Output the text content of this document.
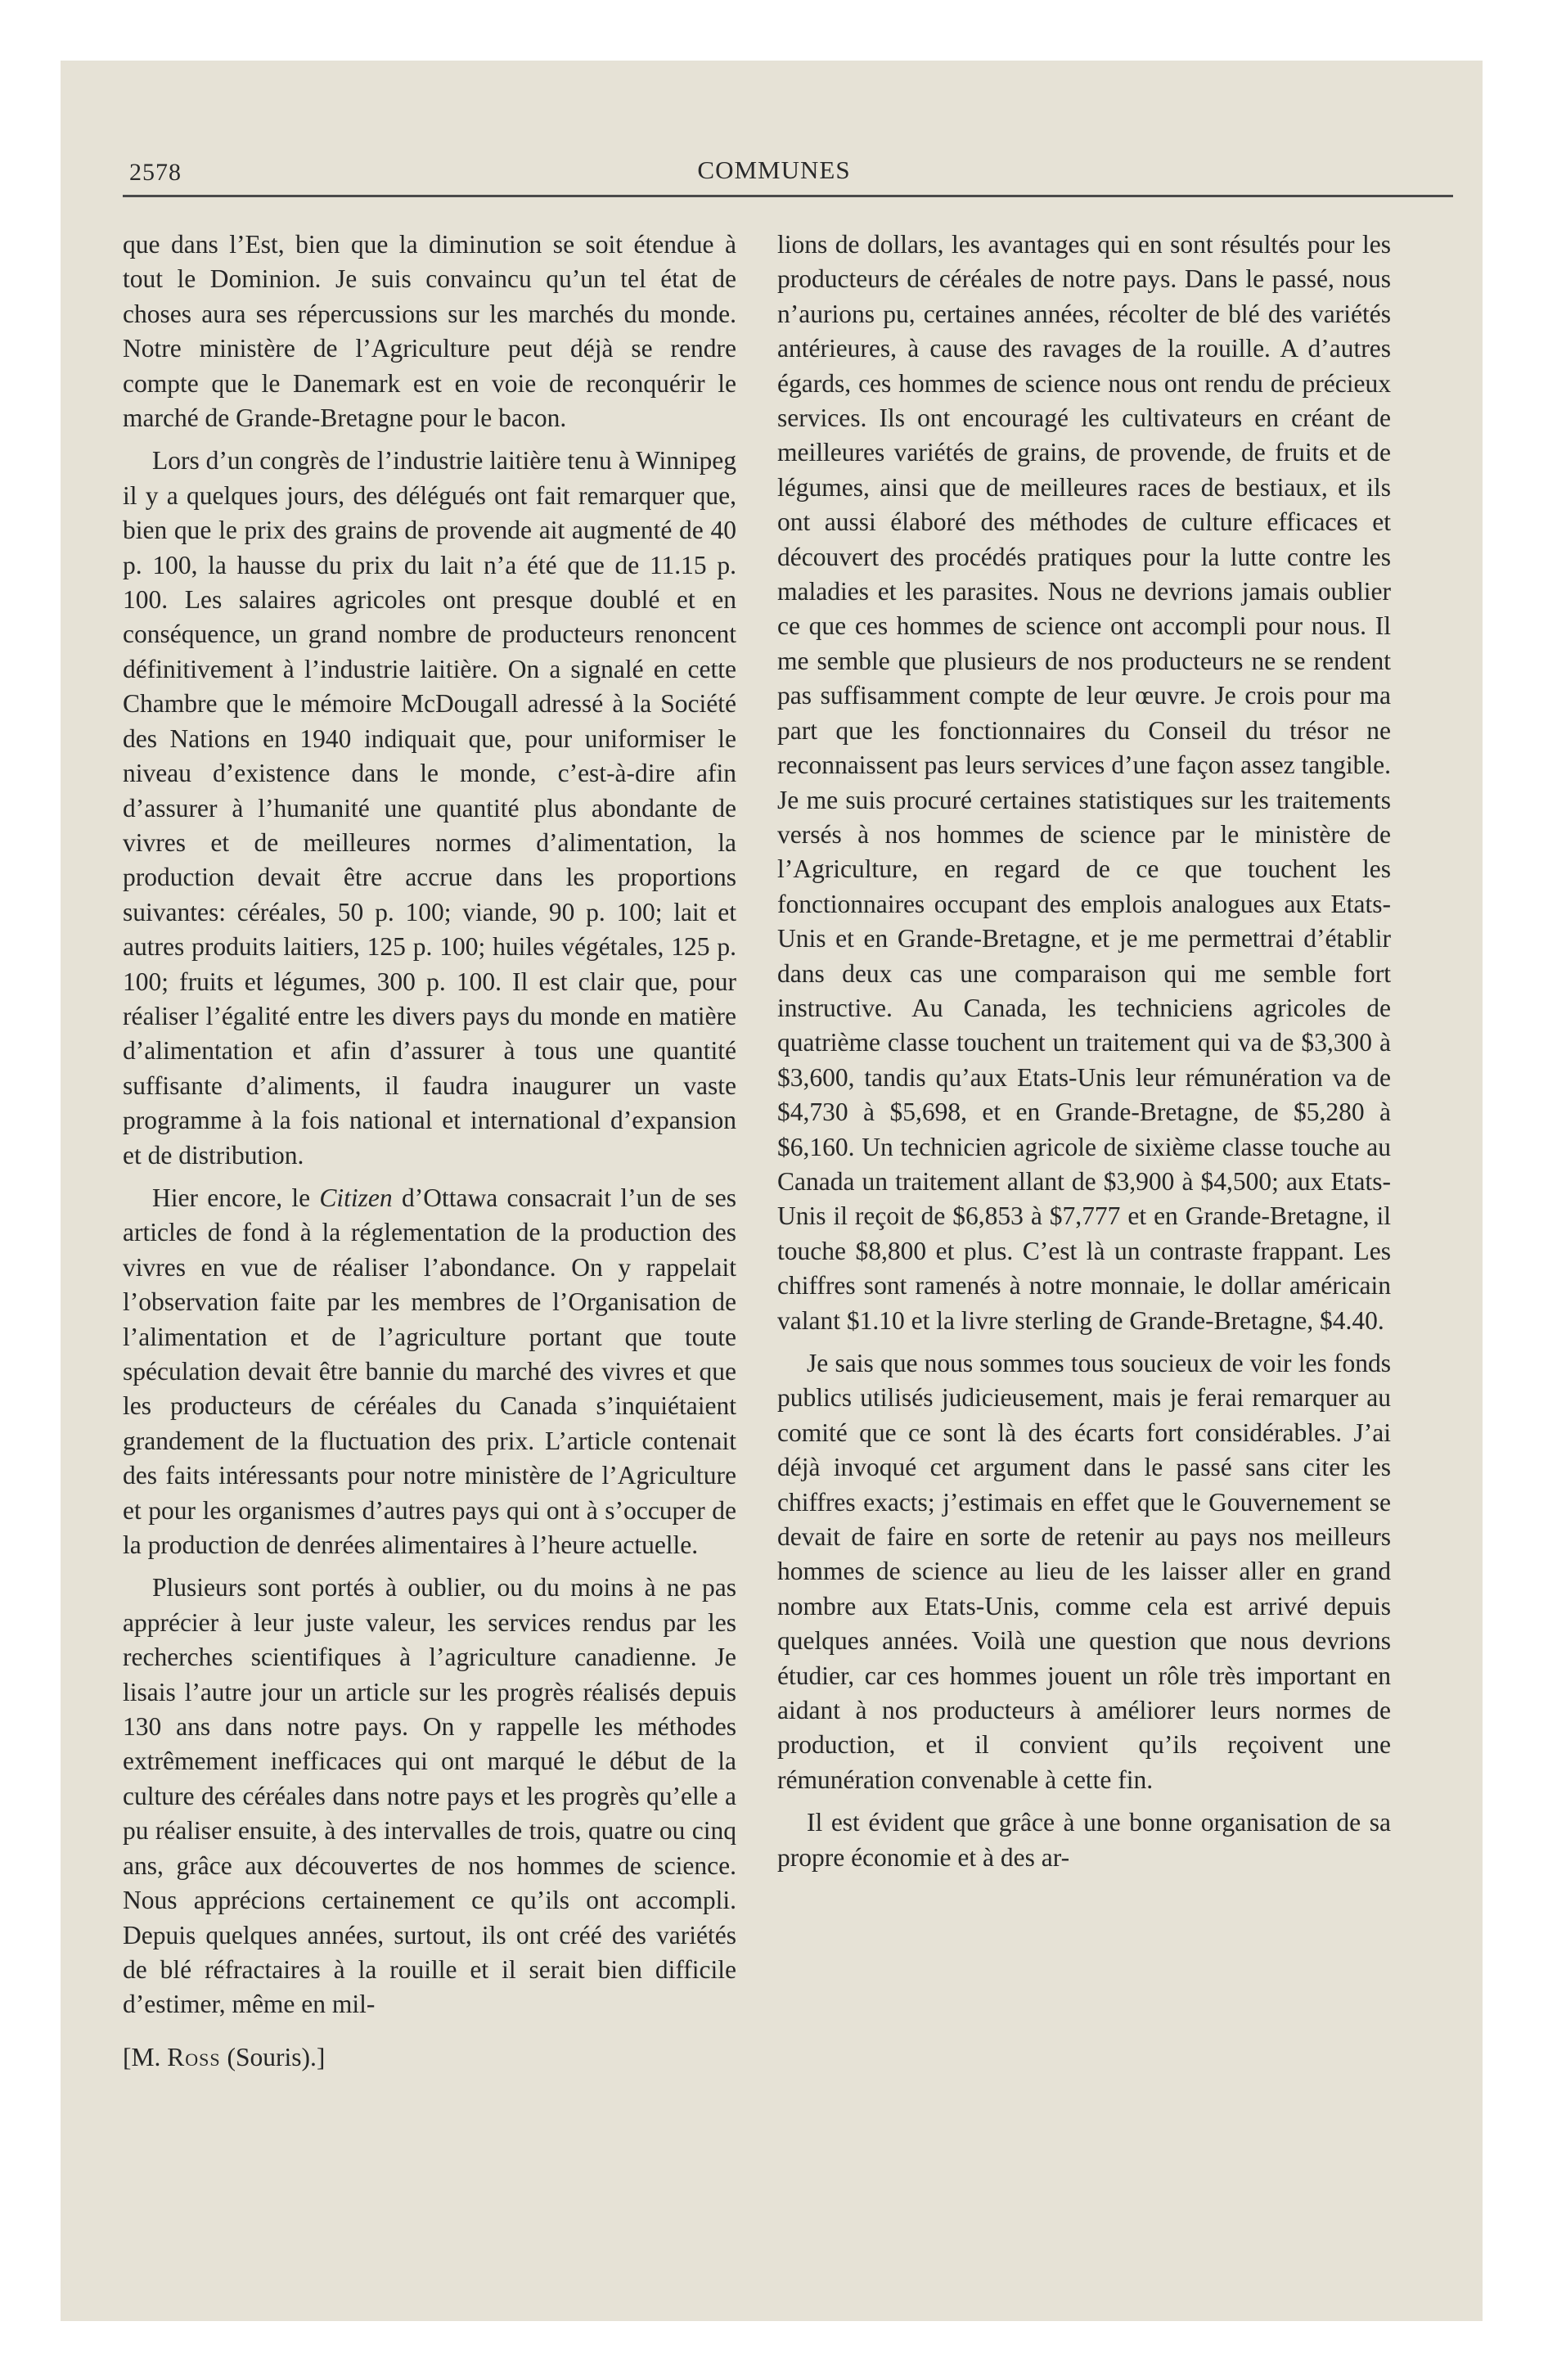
2578	COMMUNES

que dans l’Est, bien que la diminution se soit étendue à tout le Dominion. Je suis convaincu qu’un tel état de choses aura ses répercussions sur les marchés du monde. Notre ministère de l’Agriculture peut déjà se rendre compte que le Danemark est en voie de reconquérir le marché de Grande-Bretagne pour le bacon.

Lors d’un congrès de l’industrie laitière tenu à Winnipeg il y a quelques jours, des délégués ont fait remarquer que, bien que le prix des grains de provende ait augmenté de 40 p. 100, la hausse du prix du lait n’a été que de 11.15 p. 100. Les salaires agricoles ont presque doublé et en conséquence, un grand nombre de producteurs renoncent définitivement à l’industrie laitière. On a signalé en cette Chambre que le mémoire McDougall adressé à la Société des Nations en 1940 indiquait que, pour uniformiser le niveau d’existence dans le monde, c’est-à-dire afin d’assurer à l’humanité une quantité plus abondante de vivres et de meilleures normes d’alimentation, la production devait être accrue dans les proportions suivantes: céréales, 50 p. 100; viande, 90 p. 100; lait et autres produits laitiers, 125 p. 100; huiles végétales, 125 p. 100; fruits et légumes, 300 p. 100. Il est clair que, pour réaliser l’égalité entre les divers pays du monde en matière d’alimentation et afin d’assurer à tous une quantité suffisante d’aliments, il faudra inaugurer un vaste programme à la fois national et international d’expansion et de distribution.

Hier encore, le Citizen d’Ottawa consacrait l’un de ses articles de fond à la réglementation de la production des vivres en vue de réaliser l’abondance. On y rappelait l’observation faite par les membres de l’Organisation de l’alimentation et de l’agriculture portant que toute spéculation devait être bannie du marché des vivres et que les producteurs de céréales du Canada s’inquiétaient grandement de la fluctuation des prix. L’article contenait des faits intéressants pour notre ministère de l’Agriculture et pour les organismes d’autres pays qui ont à s’occuper de la production de denrées alimentaires à l’heure actuelle.

Plusieurs sont portés à oublier, ou du moins à ne pas apprécier à leur juste valeur, les services rendus par les recherches scientifiques à l’agriculture canadienne. Je lisais l’autre jour un article sur les progrès réalisés depuis 130 ans dans notre pays. On y rappelle les méthodes extrêmement inefficaces qui ont marqué le début de la culture des céréales dans notre pays et les progrès qu’elle a pu réaliser ensuite, à des intervalles de trois, quatre ou cinq ans, grâce aux découvertes de nos hommes de science. Nous apprécions certainement ce qu’ils ont accompli. Depuis quelques années, surtout, ils ont créé des variétés de blé réfractaires à la rouille et il serait bien difficile d’estimer, même en mil-

lions de dollars, les avantages qui en sont résultés pour les producteurs de céréales de notre pays. Dans le passé, nous n’aurions pu, certaines années, récolter de blé des variétés antérieures, à cause des ravages de la rouille. A d’autres égards, ces hommes de science nous ont rendu de précieux services. Ils ont encouragé les cultivateurs en créant de meilleures variétés de grains, de provende, de fruits et de légumes, ainsi que de meilleures races de bestiaux, et ils ont aussi élaboré des méthodes de culture efficaces et découvert des procédés pratiques pour la lutte contre les maladies et les parasites. Nous ne devrions jamais oublier ce que ces hommes de science ont accompli pour nous. Il me semble que plusieurs de nos producteurs ne se rendent pas suffisamment compte de leur œuvre. Je crois pour ma part que les fonctionnaires du Conseil du trésor ne reconnaissent pas leurs services d’une façon assez tangible. Je me suis procuré certaines statistiques sur les traitements versés à nos hommes de science par le ministère de l’Agriculture, en regard de ce que touchent les fonctionnaires occupant des emplois analogues aux Etats-Unis et en Grande-Bretagne, et je me permettrai d’établir dans deux cas une comparaison qui me semble fort instructive. Au Canada, les techniciens agricoles de quatrième classe touchent un traitement qui va de $3,300 à $3,600, tandis qu’aux Etats-Unis leur rémunération va de $4,730 à $5,698, et en Grande-Bretagne, de $5,280 à $6,160. Un technicien agricole de sixième classe touche au Canada un traitement allant de $3,900 à $4,500; aux Etats-Unis il reçoit de $6,853 à $7,777 et en Grande-Bretagne, il touche $8,800 et plus. C’est là un contraste frappant. Les chiffres sont ramenés à notre monnaie, le dollar américain valant $1.10 et la livre sterling de Grande-Bretagne, $4.40.

Je sais que nous sommes tous soucieux de voir les fonds publics utilisés judicieusement, mais je ferai remarquer au comité que ce sont là des écarts fort considérables. J’ai déjà invoqué cet argument dans le passé sans citer les chiffres exacts; j’estimais en effet que le Gouvernement se devait de faire en sorte de retenir au pays nos meilleurs hommes de science au lieu de les laisser aller en grand nombre aux Etats-Unis, comme cela est arrivé depuis quelques années. Voilà une question que nous devrions étudier, car ces hommes jouent un rôle très important en aidant à nos producteurs à améliorer leurs normes de production, et il convient qu’ils reçoivent une rémunération convenable à cette fin.

Il est évident que grâce à une bonne organisation de sa propre économie et à des ar-

[M. Ross (Souris).]
